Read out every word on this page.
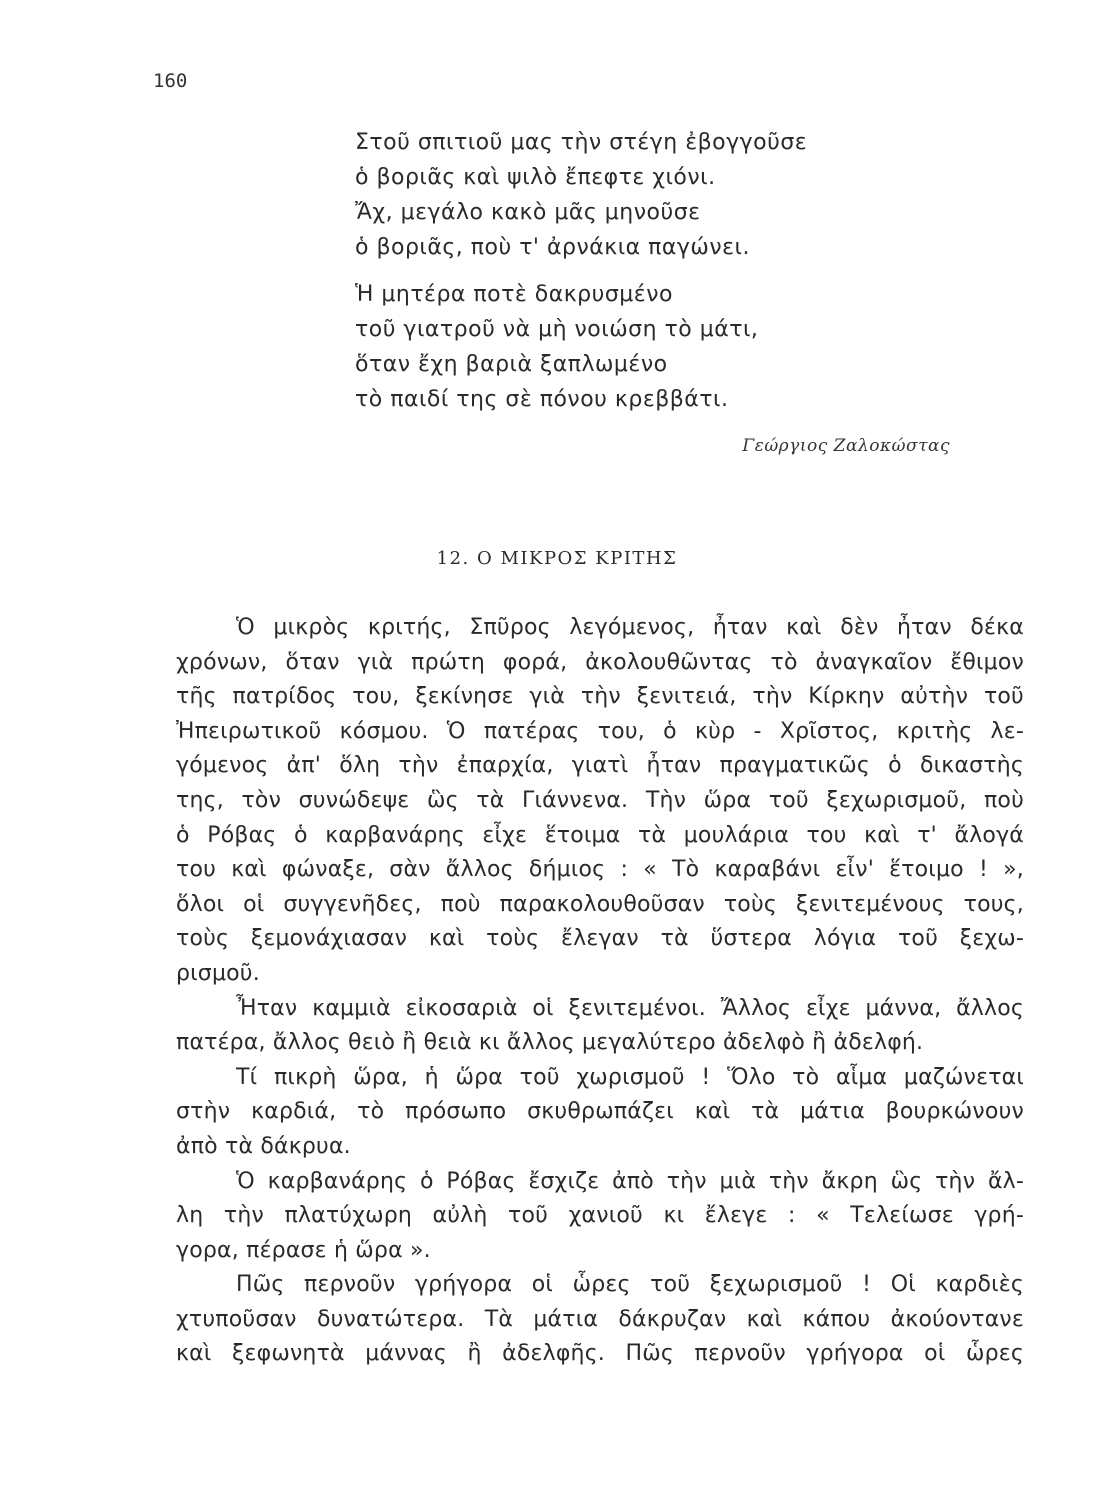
160
Στοῦ σπιτιοῦ μας τὴν στέγη ἐβογγοῦσε
ὁ βοριᾶς καὶ ψιλὸ ἔπεφτε χιόνι.
Ἄχ, μεγάλο κακὸ μᾶς μηνοῦσε
ὁ βοριᾶς, ποὺ τ' ἀρνάκια παγώνει.
Ἡ μητέρα ποτὲ δακρυσμένο
τοῦ γιατροῦ νὰ μὴ νοιώση τὸ μάτι,
ὅταν ἔχη βαριὰ ξαπλωμένο
τὸ παιδί της σὲ πόνου κρεββάτι.
Γεώργιος Ζαλοκώστας
12. Ο ΜΙΚΡΟΣ ΚΡΙΤΗΣ
Ὁ μικρὸς κριτής, Σπῦρος λεγόμενος, ἦταν καὶ δὲν ἦταν δέκα
χρόνων, ὅταν γιὰ πρώτη φορά, ἀκολουθῶντας τὸ ἀναγκαῖον ἔθιμον
τῆς πατρίδος του, ξεκίνησε γιὰ τὴν ξενιτειά, τὴν Κίρκην αὐτὴν τοῦ
Ἠπειρωτικοῦ κόσμου. Ὁ πατέρας του, ὁ κὺρ - Χρῖστος, κριτὴς λε-
γόμενος ἀπ' ὅλη τὴν ἐπαρχία, γιατὶ ἦταν πραγματικῶς ὁ δικαστὴς
της, τὸν συνώδεψε ὣς τὰ Γιάννενα. Τὴν ὥρα τοῦ ξεχωρισμοῦ, ποὺ
ὁ Ρόβας ὁ καρβανάρης εἶχε ἕτοιμα τὰ μουλάρια του καὶ τ' ἄλογά
του καὶ φώναξε, σὰν ἄλλος δήμιος : « Τὸ καραβάνι εἶν' ἕτοιμο ! »,
ὅλοι οἱ συγγενῆδες, ποὺ παρακολουθοῦσαν τοὺς ξενιτεμένους τους,
τοὺς ξεμονάχιασαν καὶ τοὺς ἔλεγαν τὰ ὕστερα λόγια τοῦ ξεχω-
ρισμοῦ.
Ἦταν καμμιὰ εἰκοσαριὰ οἱ ξενιτεμένοι. Ἄλλος εἶχε μάννα, ἄλλος
πατέρα, ἄλλος θειὸ ἢ θειὰ κι ἄλλος μεγαλύτερο ἀδελφὸ ἢ ἀδελφή.
Τί πικρὴ ὥρα, ἡ ὥρα τοῦ χωρισμοῦ ! Ὅλο τὸ αἷμα μαζώνεται
στὴν καρδιά, τὸ πρόσωπο σκυθρωπάζει καὶ τὰ μάτια βουρκώνουν
ἀπὸ τὰ δάκρυα.
Ὁ καρβανάρης ὁ Ρόβας ἔσχιζε ἀπὸ τὴν μιὰ τὴν ἄκρη ὣς τὴν ἄλ-
λη τὴν πλατύχωρη αὐλὴ τοῦ χανιοῦ κι ἔλεγε : « Τελείωσε γρή-
γορα, πέρασε ἡ ὥρα ».
Πῶς περνοῦν γρήγορα οἱ ὧρες τοῦ ξεχωρισμοῦ ! Οἱ καρδιὲς
χτυποῦσαν δυνατώτερα. Τὰ μάτια δάκρυζαν καὶ κάπου ἀκούοντανε
καὶ ξεφωνητὰ μάννας ἢ ἀδελφῆς. Πῶς περνοῦν γρήγορα οἱ ὧρες
